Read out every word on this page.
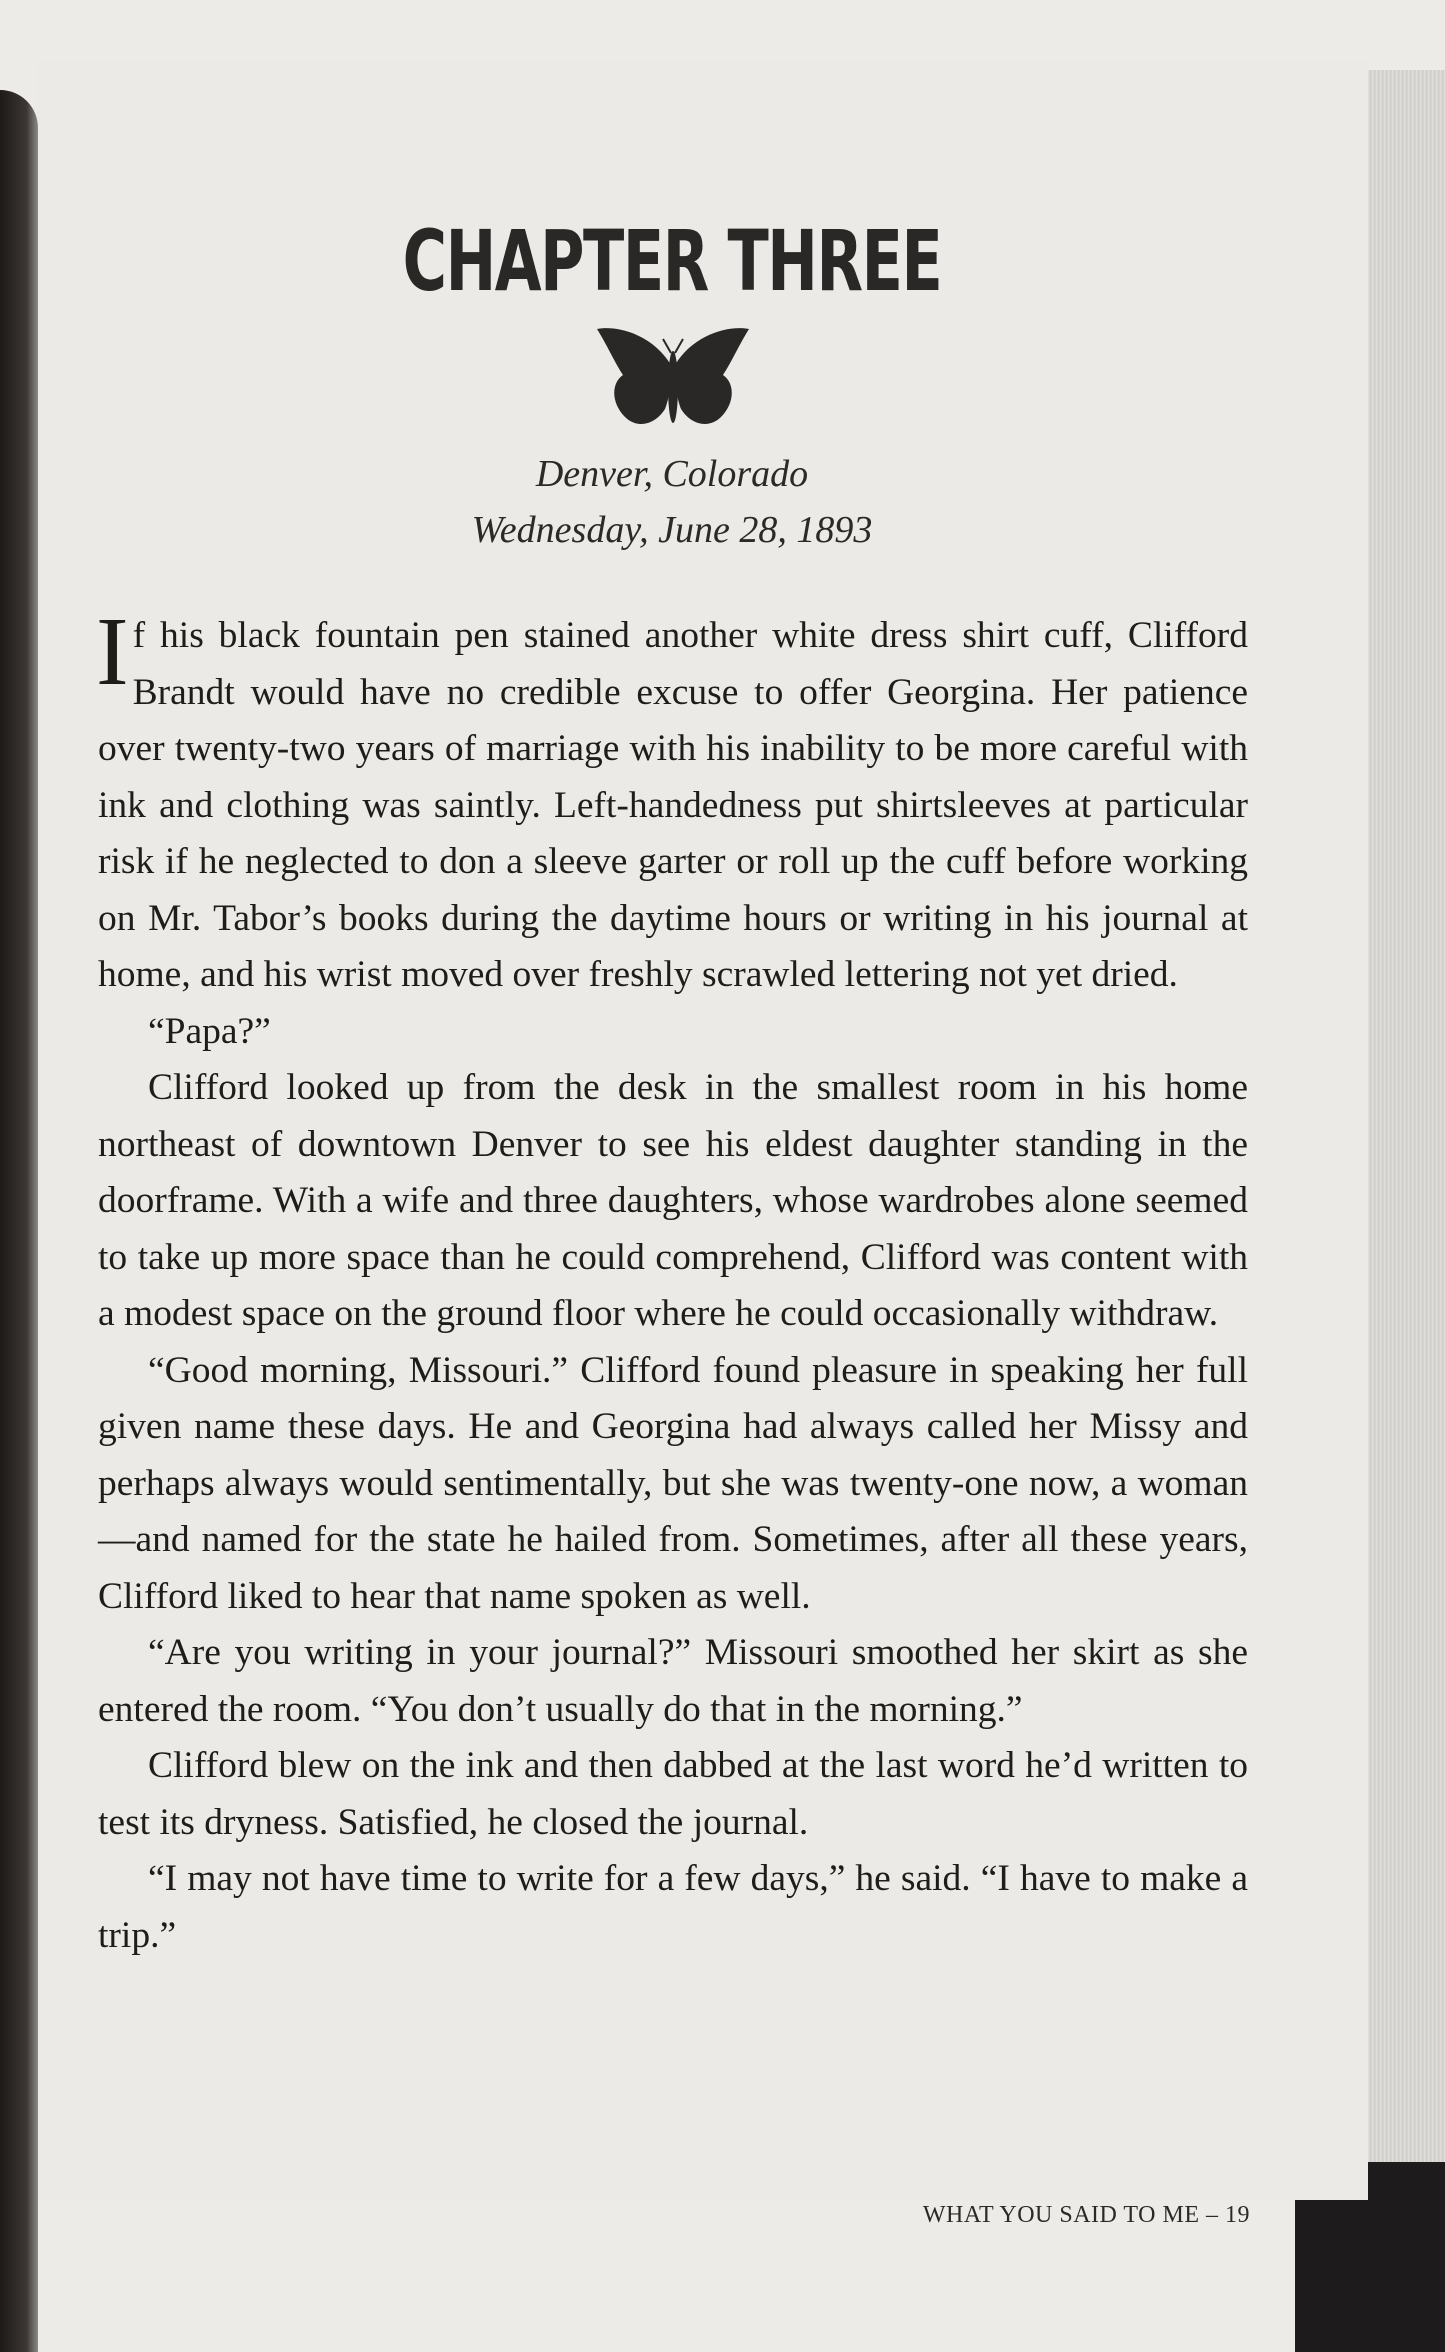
CHAPTER THREE
Denver, Colorado
Wednesday, June 28, 1893

If his black fountain pen stained another white dress shirt cuff, Clifford Brandt would have no credible excuse to offer Georgina. Her patience over twenty-two years of marriage with his inability to be more careful with ink and clothing was saintly. Left-handedness put shirtsleeves at particular risk if he neglected to don a sleeve garter or roll up the cuff before working on Mr. Tabor’s books during the daytime hours or writing in his journal at home, and his wrist moved over freshly scrawled lettering not yet dried.

“Papa?”

Clifford looked up from the desk in the smallest room in his home northeast of downtown Denver to see his eldest daughter standing in the doorframe. With a wife and three daughters, whose wardrobes alone seemed to take up more space than he could comprehend, Clifford was content with a modest space on the ground floor where he could occasionally withdraw.

“Good morning, Missouri.” Clifford found pleasure in speaking her full given name these days. He and Georgina had always called her Missy and perhaps always would sentimentally, but she was twenty-one now, a woman—and named for the state he hailed from. Sometimes, after all these years, Clifford liked to hear that name spoken as well.

“Are you writing in your journal?” Missouri smoothed her skirt as she entered the room. “You don’t usually do that in the morning.”

Clifford blew on the ink and then dabbed at the last word he’d written to test its dryness. Satisfied, he closed the journal.

“I may not have time to write for a few days,” he said. “I have to make a trip.”

WHAT YOU SAID TO ME – 19
